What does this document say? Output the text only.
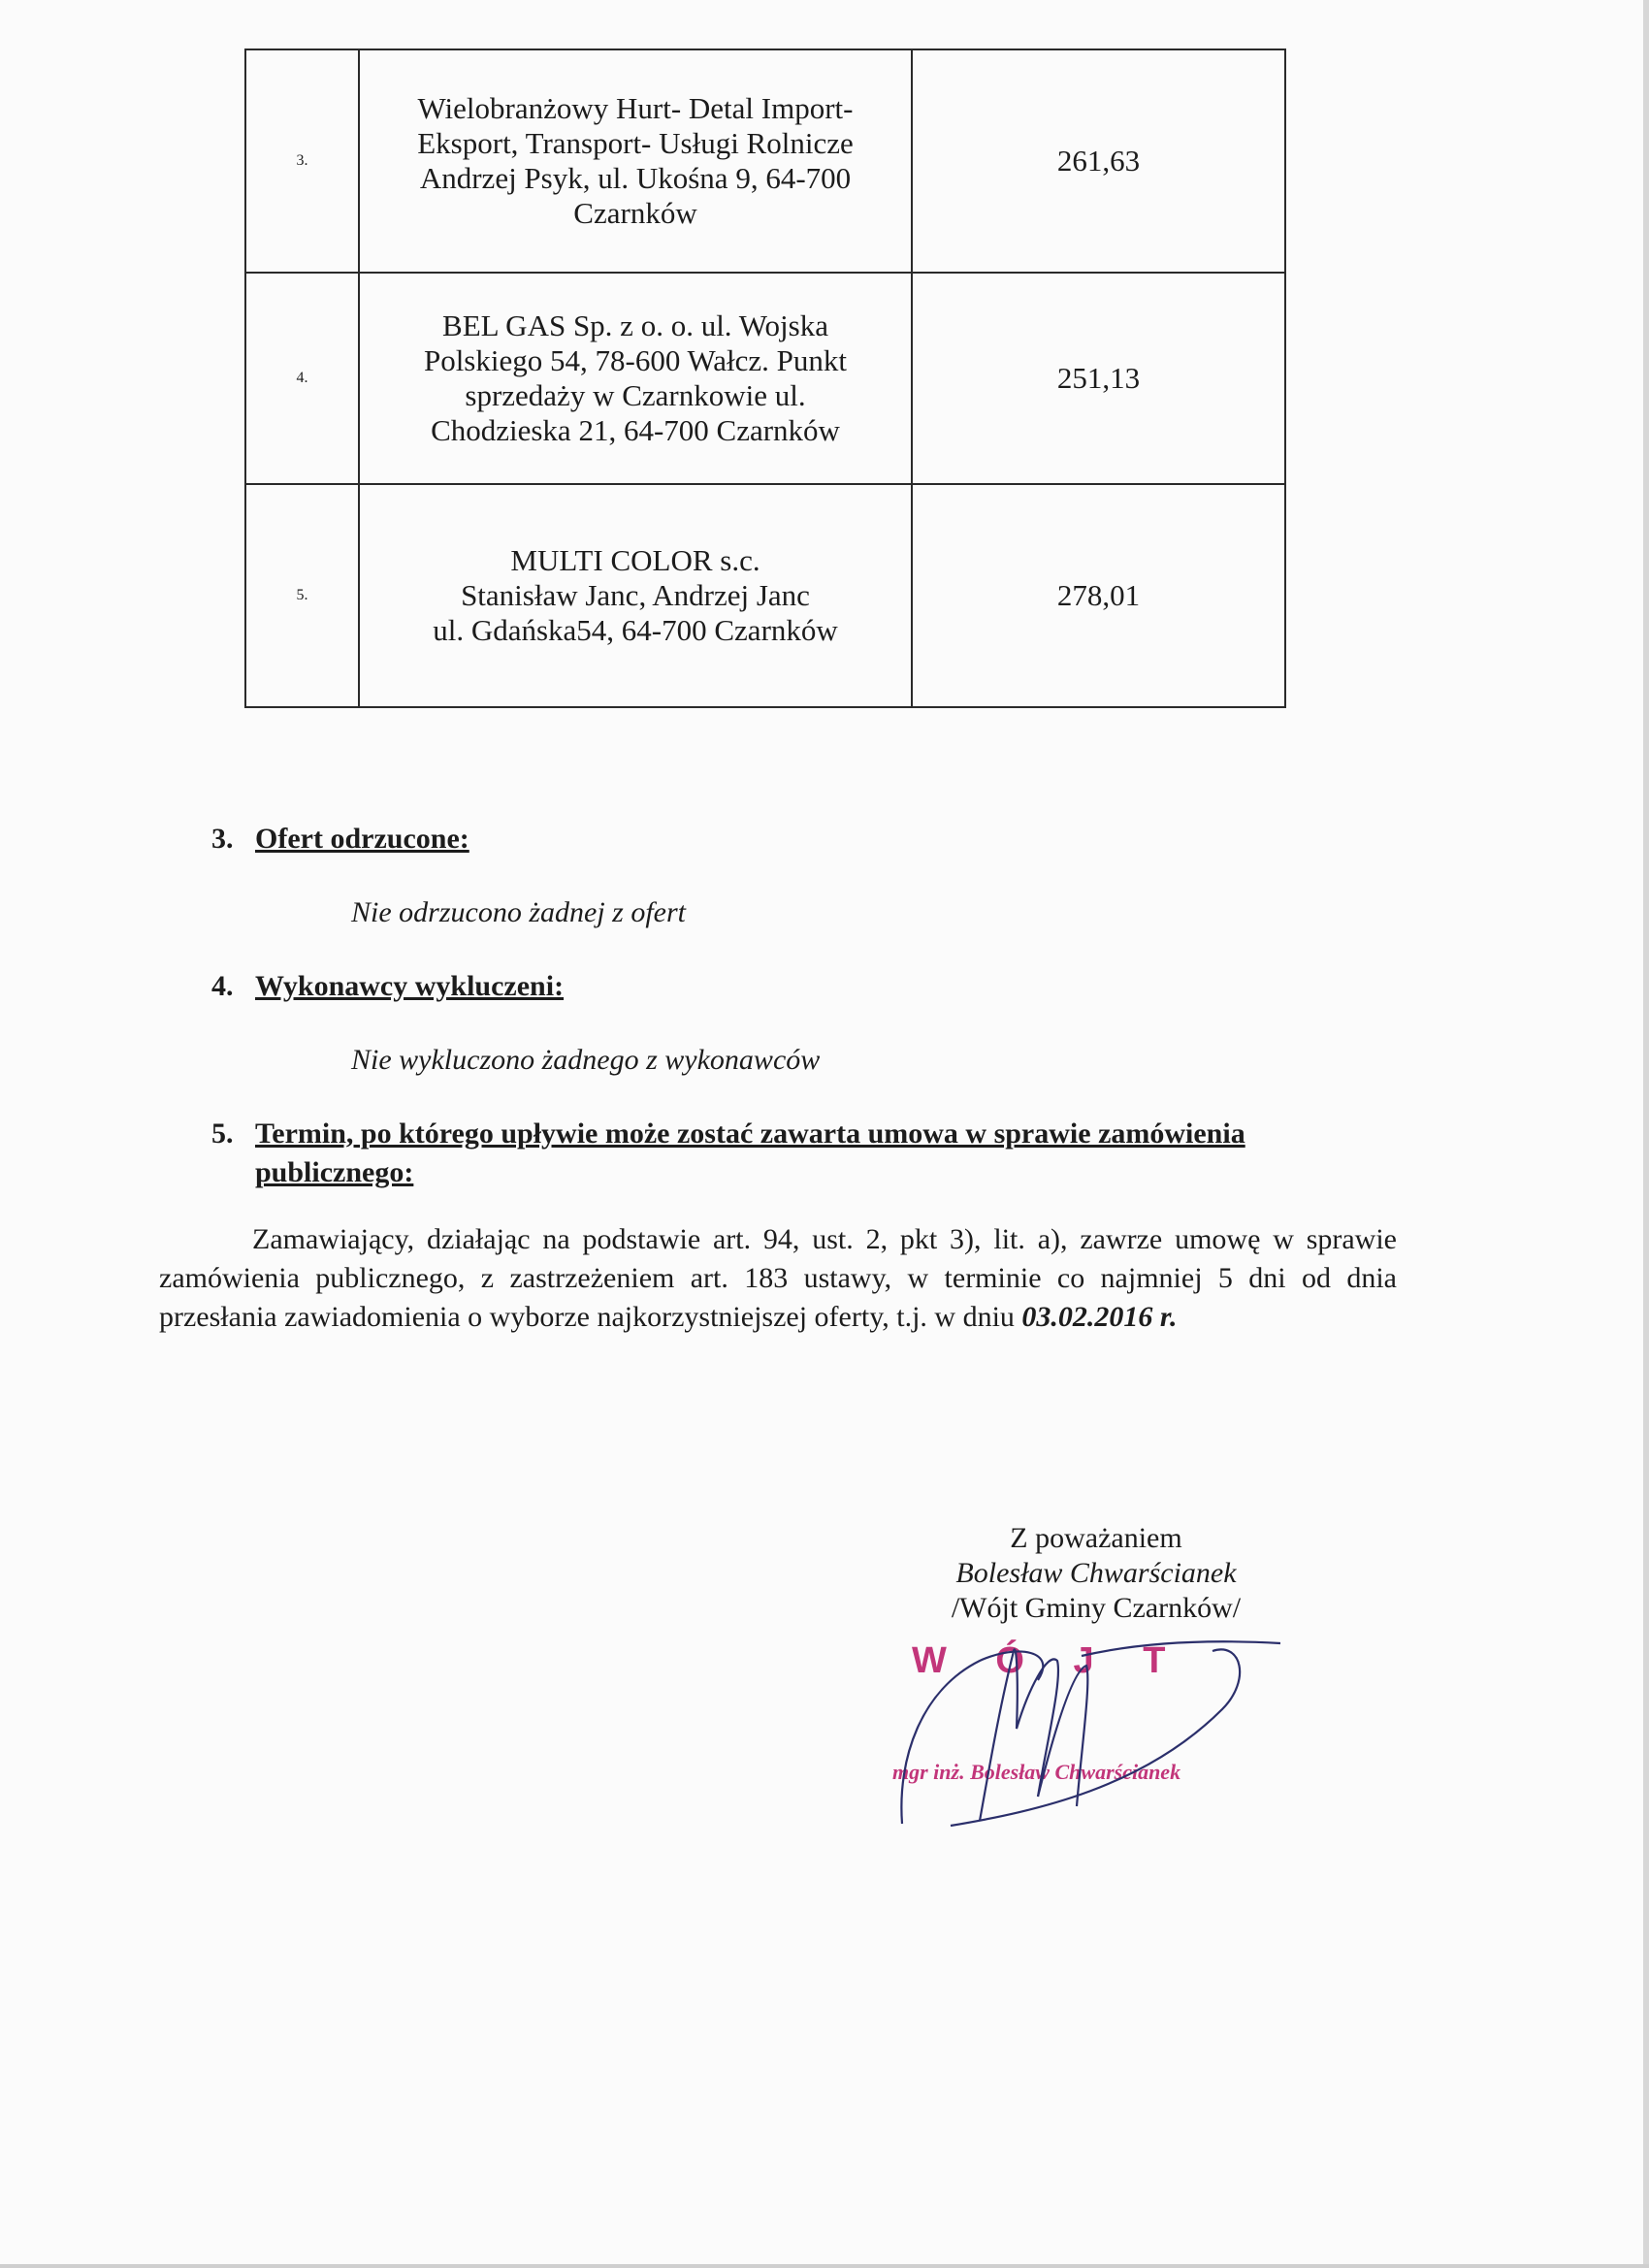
3.	Wielobranżowy Hurt- Detal Import-
Eksport, Transport- Usługi Rolnicze
Andrzej Psyk, ul. Ukośna 9, 64-700
Czarnków	261,63
4.	BEL GAS Sp. z o. o. ul. Wojska
Polskiego 54, 78-600 Wałcz. Punkt
sprzedaży w Czarnkowie ul.
Chodzieska 21, 64-700 Czarnków	251,13
5.	MULTI COLOR s.c.
Stanisław Janc, Andrzej Janc
ul. Gdańska54, 64-700 Czarnków	278,01
3. Ofert odrzucone:
Nie odrzucono żadnej z ofert
4. Wykonawcy wykluczeni:
Nie wykluczono żadnego z wykonawców
5. Termin, po którego upływie może zostać zawarta umowa w sprawie zamówienia
publicznego:
Zamawiający, działając na podstawie art. 94, ust. 2, pkt 3), lit. a), zawrze umowę w sprawie zamówienia publicznego, z zastrzeżeniem art. 183 ustawy, w terminie co najmniej 5 dni od dnia przesłania zawiadomienia o wyborze najkorzystniejszej oferty, t.j. w dniu 03.02.2016 r.
Z poważaniem
Bolesław Chwarścianek
/Wójt Gminy Czarnków/
W Ó J T
mgr inż. Bolesław Chwarścianek
